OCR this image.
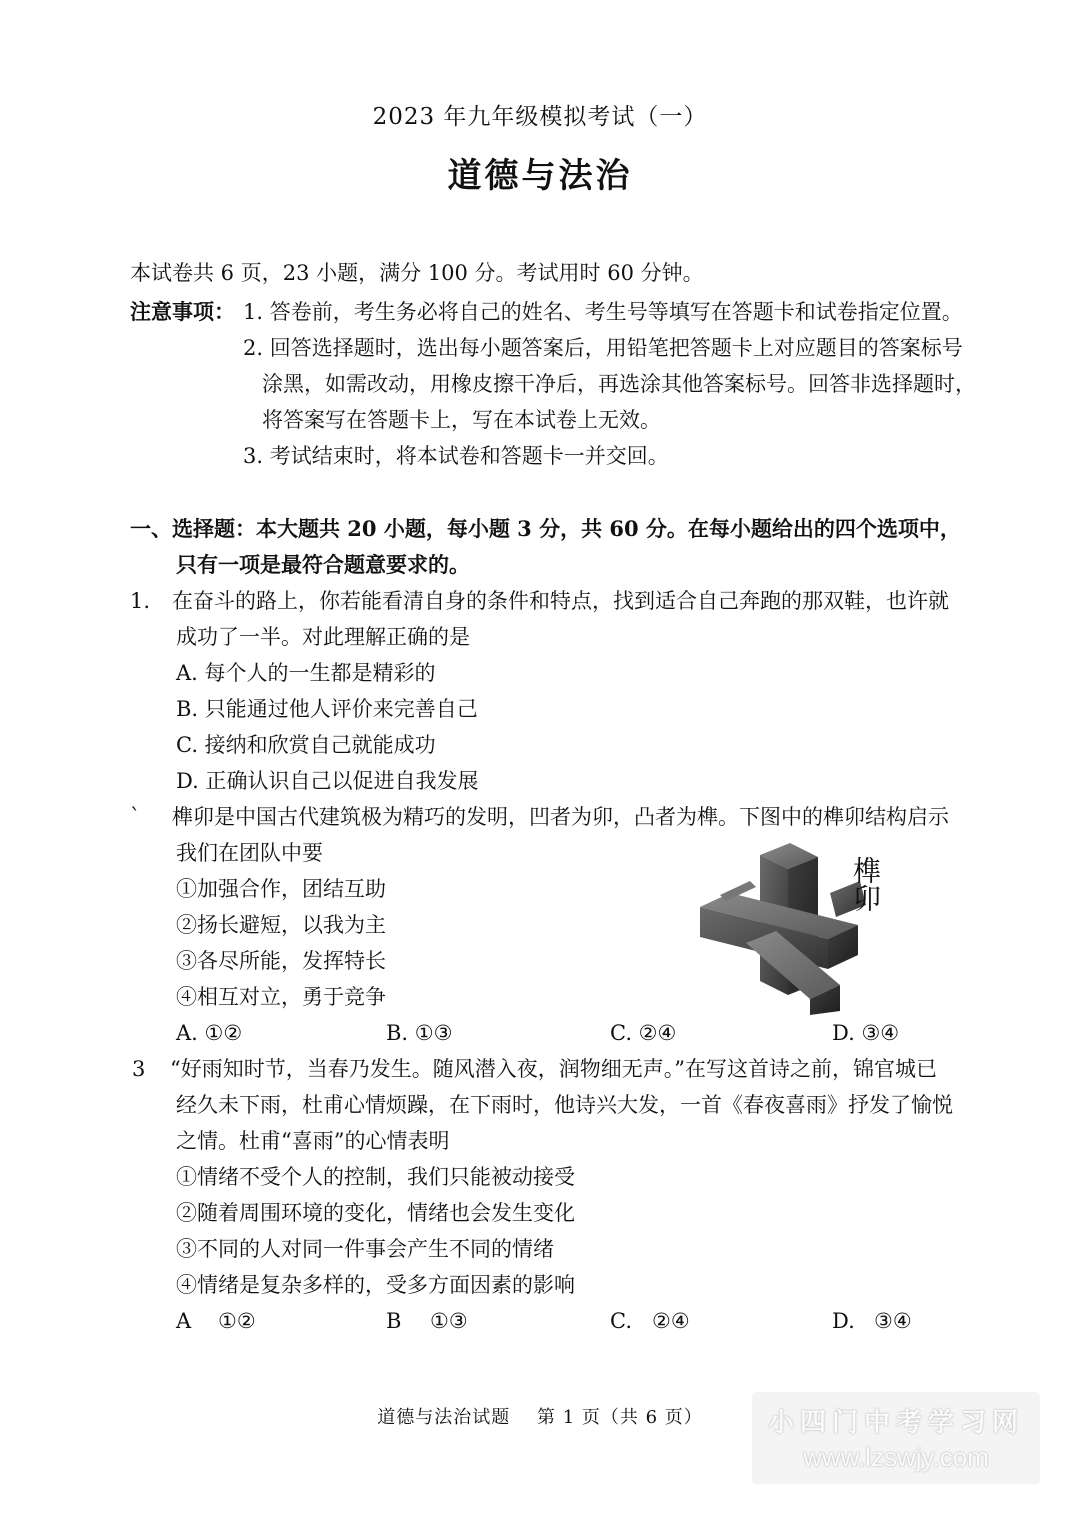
2023 年九年级模拟考试（一）
道德与法治
本试卷共 6 页，23 小题，满分 100 分。考试用时 60 分钟。
注意事项： 1. 答卷前，考生务必将自己的姓名、考生号等填写在答题卡和试卷指定位置。
2. 回答选择题时，选出每小题答案后，用铅笔把答题卡上对应题目的答案标号
涂黑，如需改动，用橡皮擦干净后，再选涂其他答案标号。回答非选择题时，
将答案写在答题卡上，写在本试卷上无效。
3. 考试结束时，将本试卷和答题卡一并交回。
一、选择题：本大题共 20 小题，每小题 3 分，共 60 分。在每小题给出的四个选项中，
只有一项是最符合题意要求的。
1. 在奋斗的路上，你若能看清自身的条件和特点，找到适合自己奔跑的那双鞋，也许就
成功了一半。对此理解正确的是
A. 每个人的一生都是精彩的
B. 只能通过他人评价来完善自己
C. 接纳和欣赏自己就能成功
D. 正确认识自己以促进自我发展
` 榫卯是中国古代建筑极为精巧的发明，凹者为卯，凸者为榫。下图中的榫卯结构启示
我们在团队中要
①加强合作，团结互助
②扬长避短，以我为主
③各尽所能，发挥特长
④相互对立，勇于竞争
榫卯
A. ①②	B. ①③	C. ②④	D. ③④
3 “好雨知时节，当春乃发生。随风潜入夜，润物细无声。”在写这首诗之前，锦官城已
经久未下雨，杜甫心情烦躁，在下雨时，他诗兴大发，一首《春夜喜雨》抒发了愉悦
之情。杜甫“喜雨”的心情表明
①情绪不受个人的控制，我们只能被动接受
②随着周围环境的变化，情绪也会发生变化
③不同的人对同一件事会产生不同的情绪
④情绪是复杂多样的，受多方面因素的影响
A ①②	B ①③	C. ②④	D. ③④
道德与法治试题 第 1 页（共 6 页）	小四门中考学习网
www.lzswjy.com
